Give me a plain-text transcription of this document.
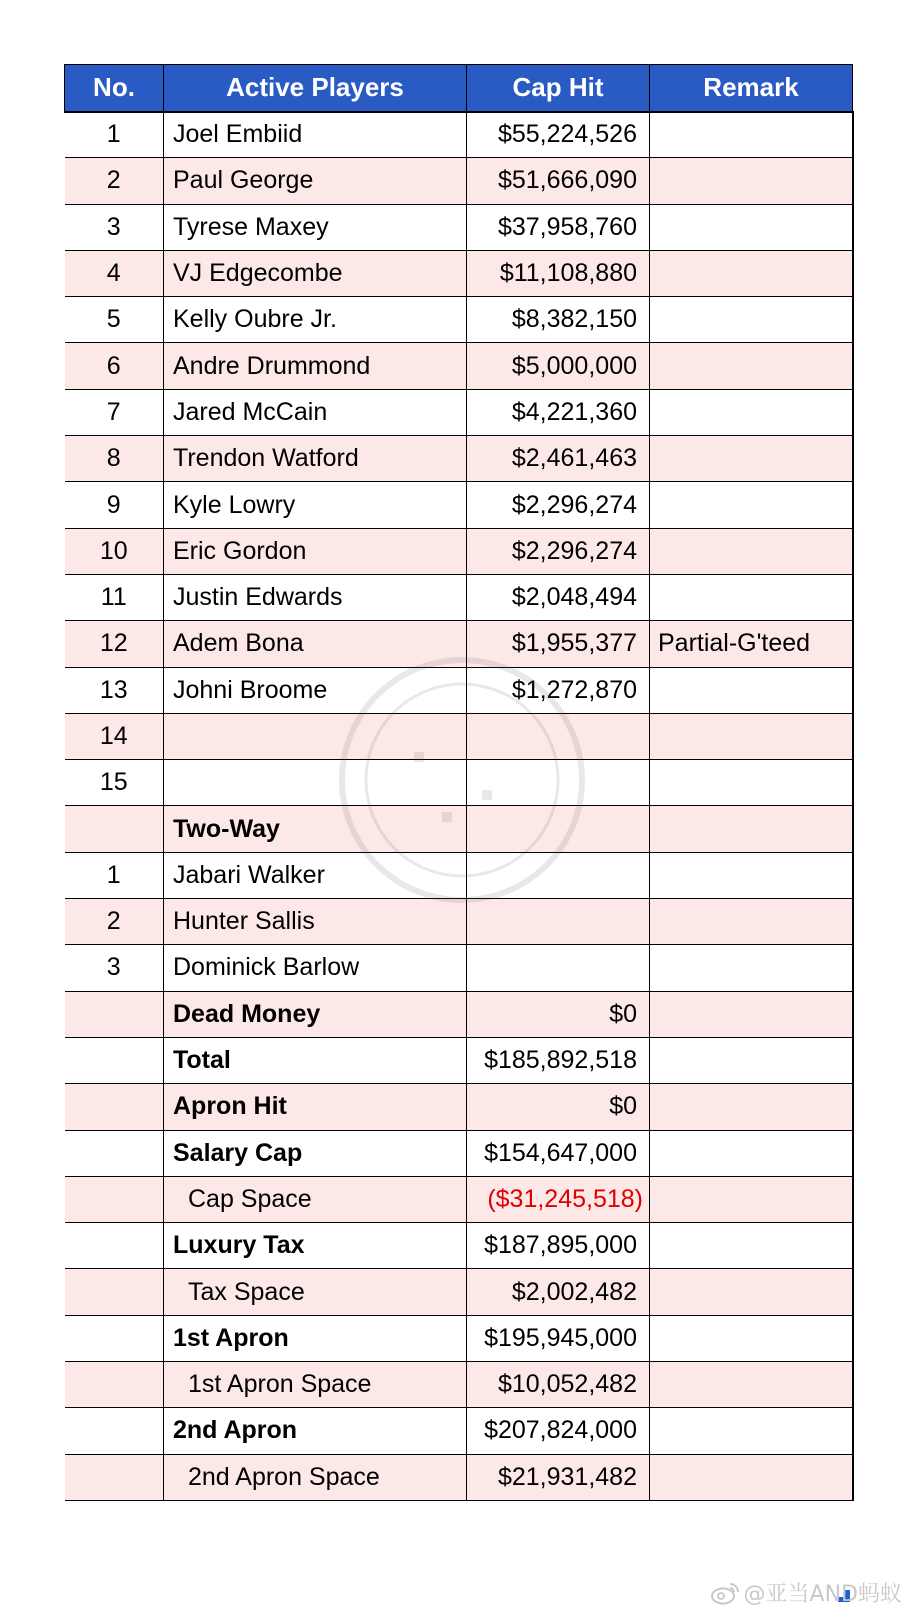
No.	Active Players	Cap Hit	Remark
1	Joel Embiid	$55,224,526	
2	Paul George	$51,666,090	
3	Tyrese Maxey	$37,958,760	
4	VJ Edgecombe	$11,108,880	
5	Kelly Oubre Jr.	$8,382,150	
6	Andre Drummond	$5,000,000	
7	Jared McCain	$4,221,360	
8	Trendon Watford	$2,461,463	
9	Kyle Lowry	$2,296,274	
10	Eric Gordon	$2,296,274	
11	Justin Edwards	$2,048,494	
12	Adem Bona	$1,955,377	Partial-G'teed
13	Johni Broome	$1,272,870	
14			
15			
	Two-Way		
1	Jabari Walker		
2	Hunter Sallis		
3	Dominick Barlow		
	Dead Money	$0	
	Total	$185,892,518	
	Apron Hit	$0	
	Salary Cap	$154,647,000	
	Cap Space	($31,245,518)	
	Luxury Tax	$187,895,000	
	Tax Space	$2,002,482	
	1st Apron	$195,945,000	
	1st Apron Space	$10,052,482	
	2nd Apron	$207,824,000	
	2nd Apron Space	$21,931,482	
@亚当AND蚂蚁
